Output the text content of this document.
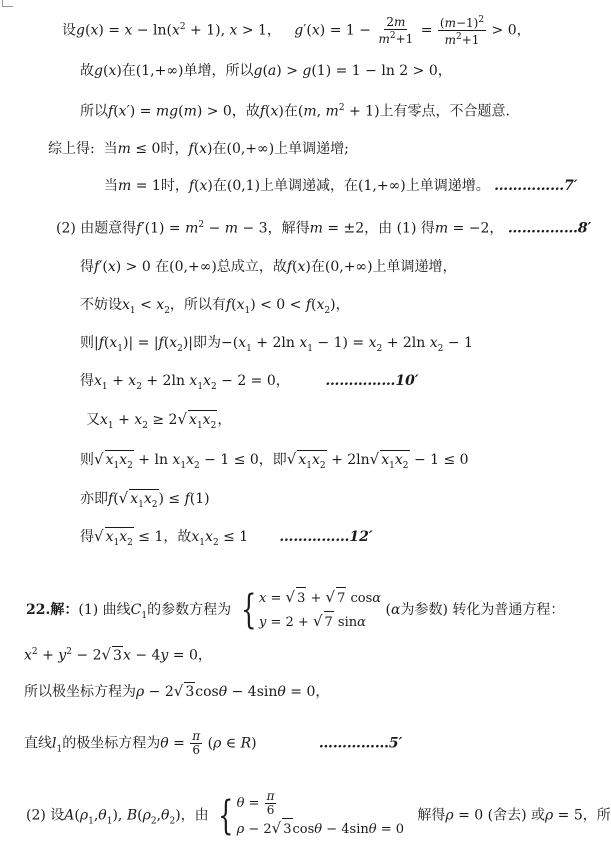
设$g(x) = x - \ln(x^2 + 1)$, x > 1，   $g'(x) = 1 - \frac{2m}{m^2+1} = \frac{(m-1)^2}{m^2+1} > 0$，
故g(x)在(1,+∞)单增，所以g(a) > g(1) = 1 − ln 2 > 0，
所以f(x′) = mg(m) > 0，故f(x)在(m, $m^2 + 1$)上有零点，不合题意.
综上得:  当m ≤ 0时，f(x)在(0,+∞)上单调递增;
当m = 1时，f(x)在(0,1)上单调递减，在(1,+∞)上单调递增。 ……………7′
(2) 由题意得$f'(1) = m^2 - m - 3$，解得m = ±2，由 (1) 得m = −2， ……………8′
得f′(x) > 0 在(0,+∞)总成立，故f(x)在(0,+∞)上单调递增，
不妨设$x_1 < x_2$，所以有$f(x_1) < 0 < f(x_2)$，
则$|f(x_1)| = |f(x_2)|$即为$-(x_1 + 2\ln$ $x_1 - 1) = x_2 + 2\ln$ $x_2 - 1$
得$x_1 + x_2 + 2\ln$ $x_1x_2 - 2 = 0$，        ……………10′
又$x_1 + x_2 \ge 2√$ $x_1x_2$，
则√ $x_1x_2 + \ln x_1x_2 - 1 \le 0$，即√ $x_1x_2 + 2\ln√$ $x_1x_2 - 1 \le 0$
亦即f(√ $x_1x_2) \le f(1)$
得√ $x_1x_2 \le 1$，故$x_1x_2 \le 1$       ……………12′
22.解：(1) 曲线$C_1$的参数方程为 { x = √ 3 + √ 7 cosα
y = 2 + √ 7 sinα
(α为参数) 转化为普通方程：
$x^2 + y^2 - 2√$ 3x − 4y = 0，
所以极坐标方程为ρ − 2√ 3cosθ − 4sinθ = 0，
直线$l_1$的极坐标方程为$\theta = \frac{\pi}{6} (\rho$ ∈ R)              ……………5′
(2) 设$A(\rho_1,\theta_1)$, $B(\rho_2,\theta_2)$，由 { $\theta = \frac{\pi}{6}$
ρ − 2√ 3cosθ − 4sinθ = 0
解得ρ = 0 (舍去) 或ρ = 5，所
